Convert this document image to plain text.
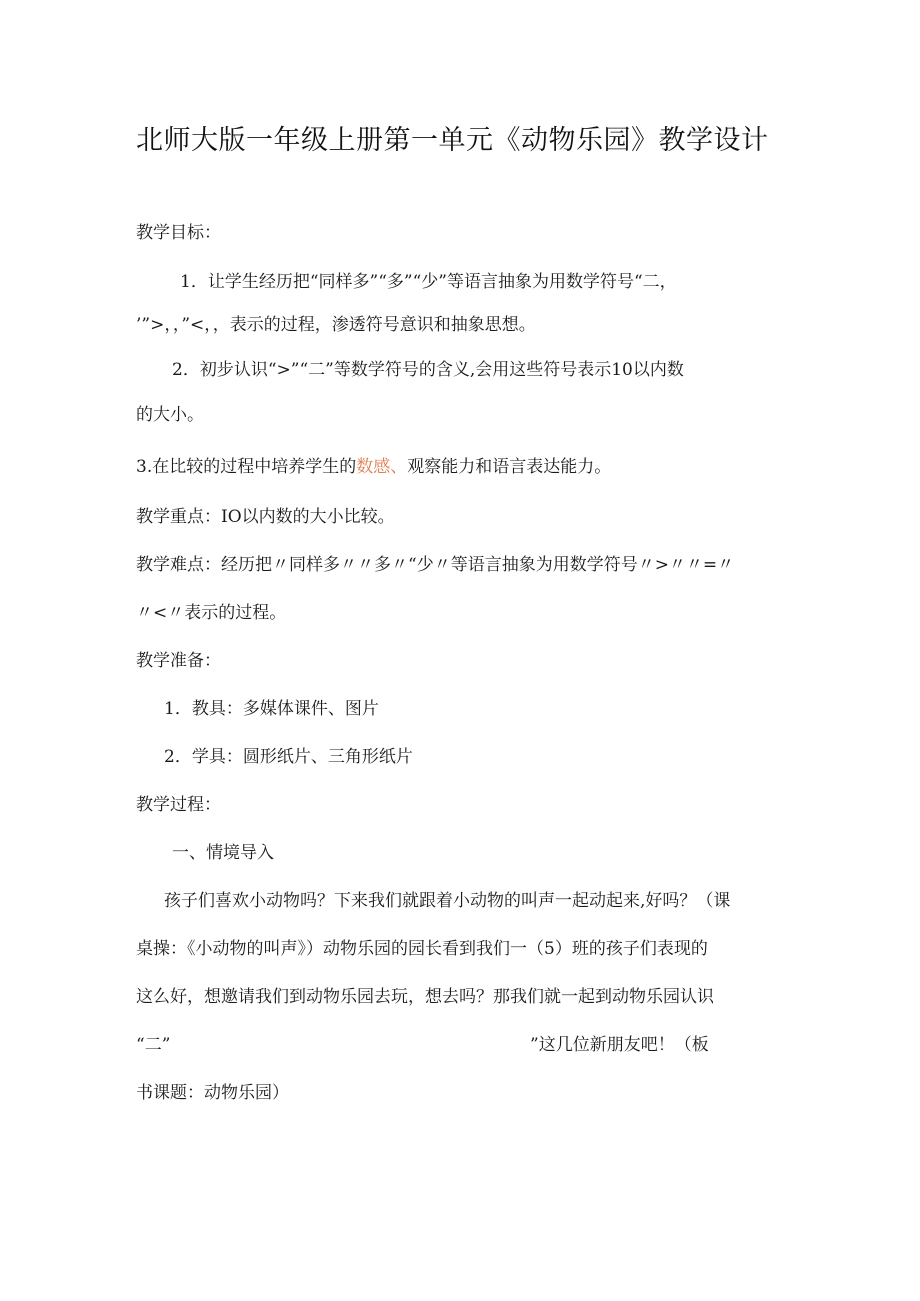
北师大版一年级上册第一单元《动物乐园》教学设计
教学目标：
1．让学生经历把“同样多”“多”“少”等语言抽象为用数学符号“二，
’”>，，”<，，表示的过程，渗透符号意识和抽象思想。
2．初步认识“>”“二”等数学符号的含义,会用这些符号表示10以内数
的大小。
3.在比较的过程中培养学生的数感、观察能力和语言表达能力。
教学重点：IO以内数的大小比较。
教学难点：经历把〃同样多〃〃多〃“少〃等语言抽象为用数学符号〃>〃〃=〃
〃<〃表示的过程。
教学准备：
1．教具：多媒体课件、图片
2．学具：圆形纸片、三角形纸片
教学过程：
一、情境导入
孩子们喜欢小动物吗？下来我们就跟着小动物的叫声一起动起来,好吗？（课
桌操：《小动物的叫声》）动物乐园的园长看到我们一（5）班的孩子们表现的
这么好，想邀请我们到动物乐园去玩，想去吗？那我们就一起到动物乐园认识
“二”	”这几位新朋友吧！（板
书课题：动物乐园）
